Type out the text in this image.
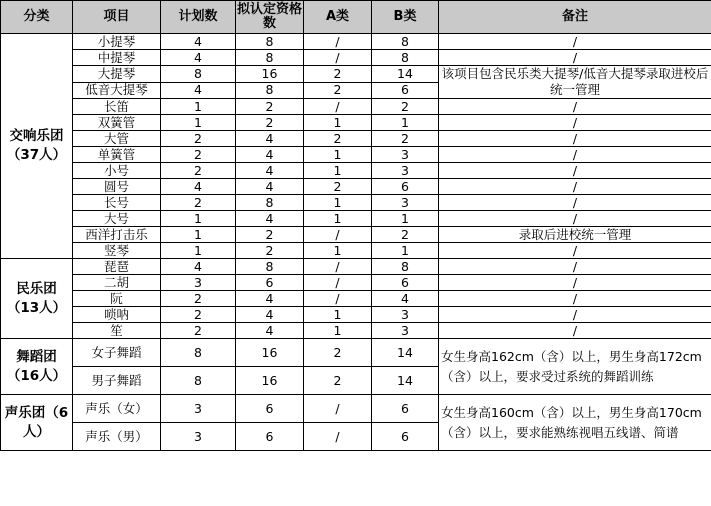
分类	项目	计划数	拟认定资格数	A类	B类	备注
交响乐团（37人）	小提琴	4	8	/	8	/
	中提琴	4	8	/	8	/
	大提琴	8	16	2	14	该项目包含民乐类大提琴/低音大提琴录取进校后统一管理
	低音大提琴	4	8	2	6	
	长笛	1	2	/	2	/
	双簧管	1	2	1	1	/
	大管	2	4	2	2	/
	单簧管	2	4	1	3	/
	小号	2	4	1	3	/
	圆号	4	4	2	6	/
	长号	2	8	1	3	/
	大号	1	4	1	1	/
	西洋打击乐	1	2	/	2	录取后进校统一管理
	竖琴	1	2	1	1	/
民乐团（13人）	琵琶	4	8	/	8	/
	二胡	3	6	/	6	/
	阮	2	4	/	4	/
	唢呐	2	4	1	3	/
	笙	2	4	1	3	/
舞蹈团（16人）	女子舞蹈	8	16	2	14	女生身高162cm（含）以上，男生身高172cm（含）以上，要求受过系统的舞蹈训练
	男子舞蹈	8	16	2	14	
声乐团（6人）	声乐（女）	3	6	/	6	女生身高160cm（含）以上，男生身高170cm（含）以上，要求能熟练视唱五线谱、简谱
	声乐（男）	3	6	/	6	
